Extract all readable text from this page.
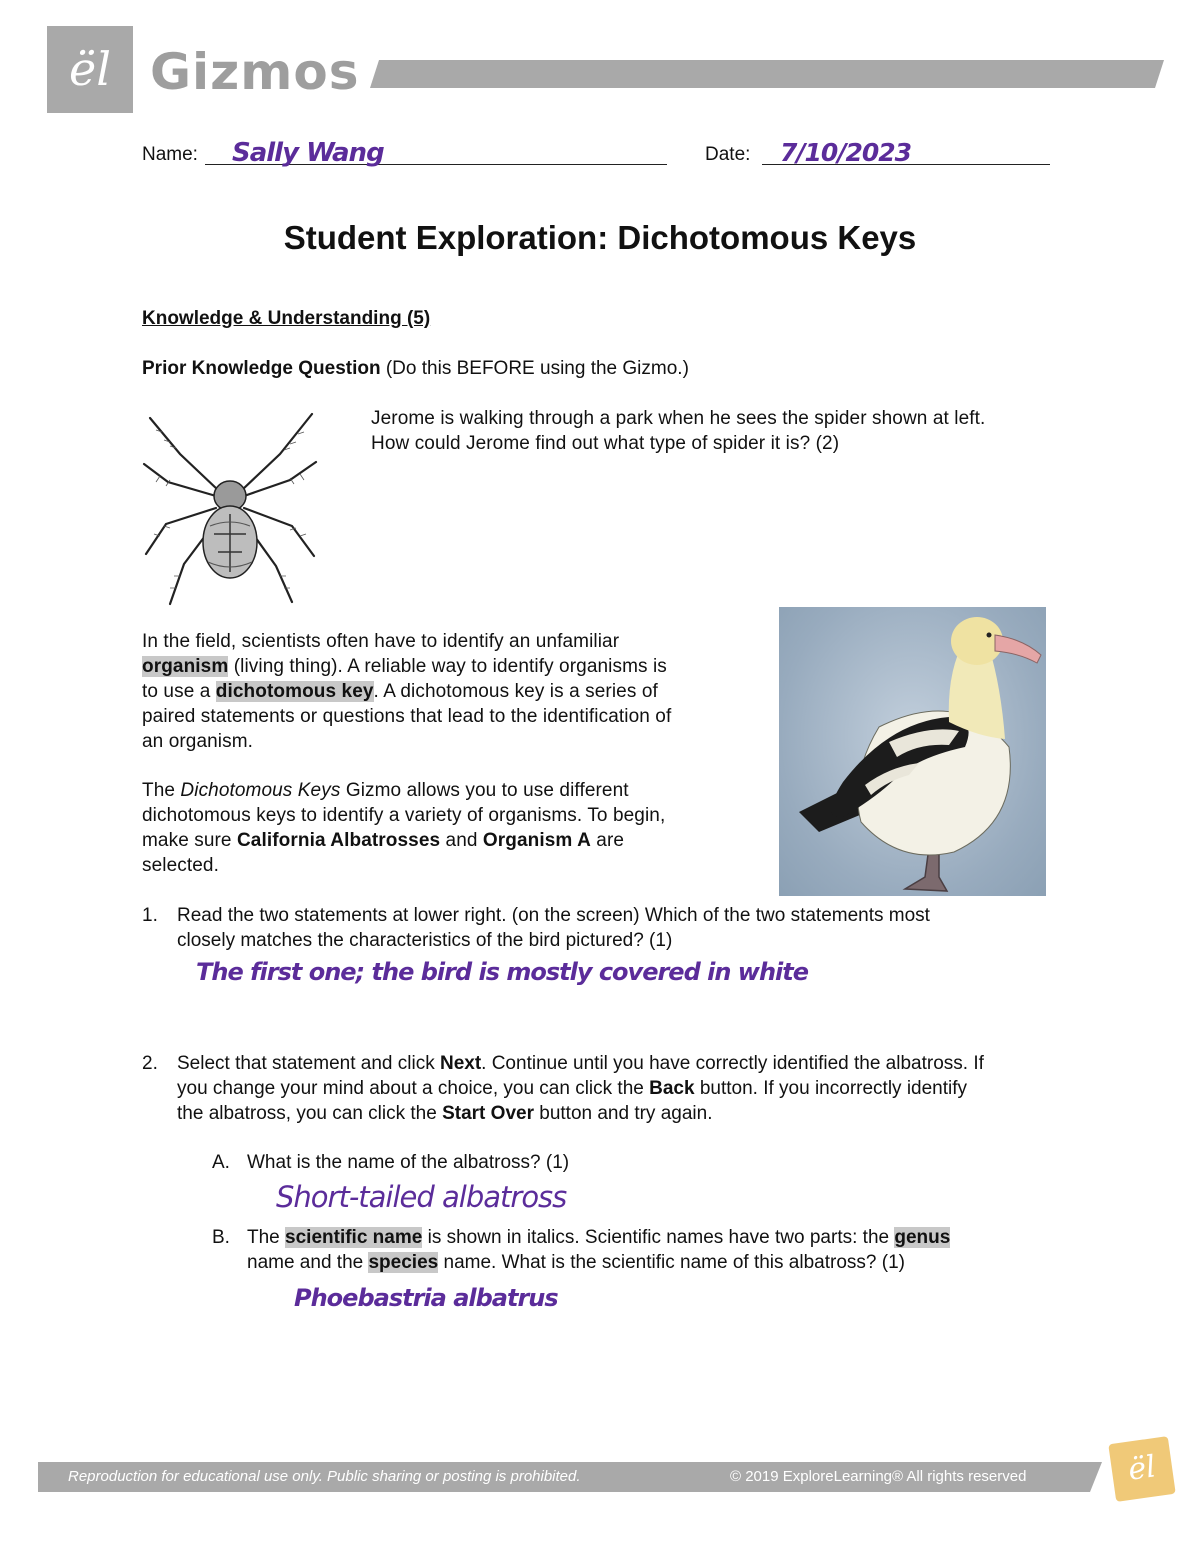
ël Gizmos
Name: Sally Wang	Date: 7/10/2023
Student Exploration: Dichotomous Keys
Knowledge & Understanding (5)
Prior Knowledge Question (Do this BEFORE using the Gizmo.)
Jerome is walking through a park when he sees the spider shown at left.
How could Jerome find out what type of spider it is? (2)
In the field, scientists often have to identify an unfamiliar
organism (living thing). A reliable way to identify organisms is
to use a dichotomous key. A dichotomous key is a series of
paired statements or questions that lead to the identification of
an organism.
The Dichotomous Keys Gizmo allows you to use different
dichotomous keys to identify a variety of organisms. To begin,
make sure California Albatrosses and Organism A are
selected.
1. Read the two statements at lower right. (on the screen) Which of the two statements most
closely matches the characteristics of the bird pictured? (1)
The first one; the bird is mostly covered in white
2. Select that statement and click Next. Continue until you have correctly identified the albatross. If
you change your mind about a choice, you can click the Back button. If you incorrectly identify
the albatross, you can click the Start Over button and try again.
A. What is the name of the albatross? (1)
Short-tailed albatross
B. The scientific name is shown in italics. Scientific names have two parts: the genus
name and the species name. What is the scientific name of this albatross? (1)
Phoebastria albatrus
Reproduction for educational use only. Public sharing or posting is prohibited.	© 2019 ExploreLearning® All rights reserved	ël
